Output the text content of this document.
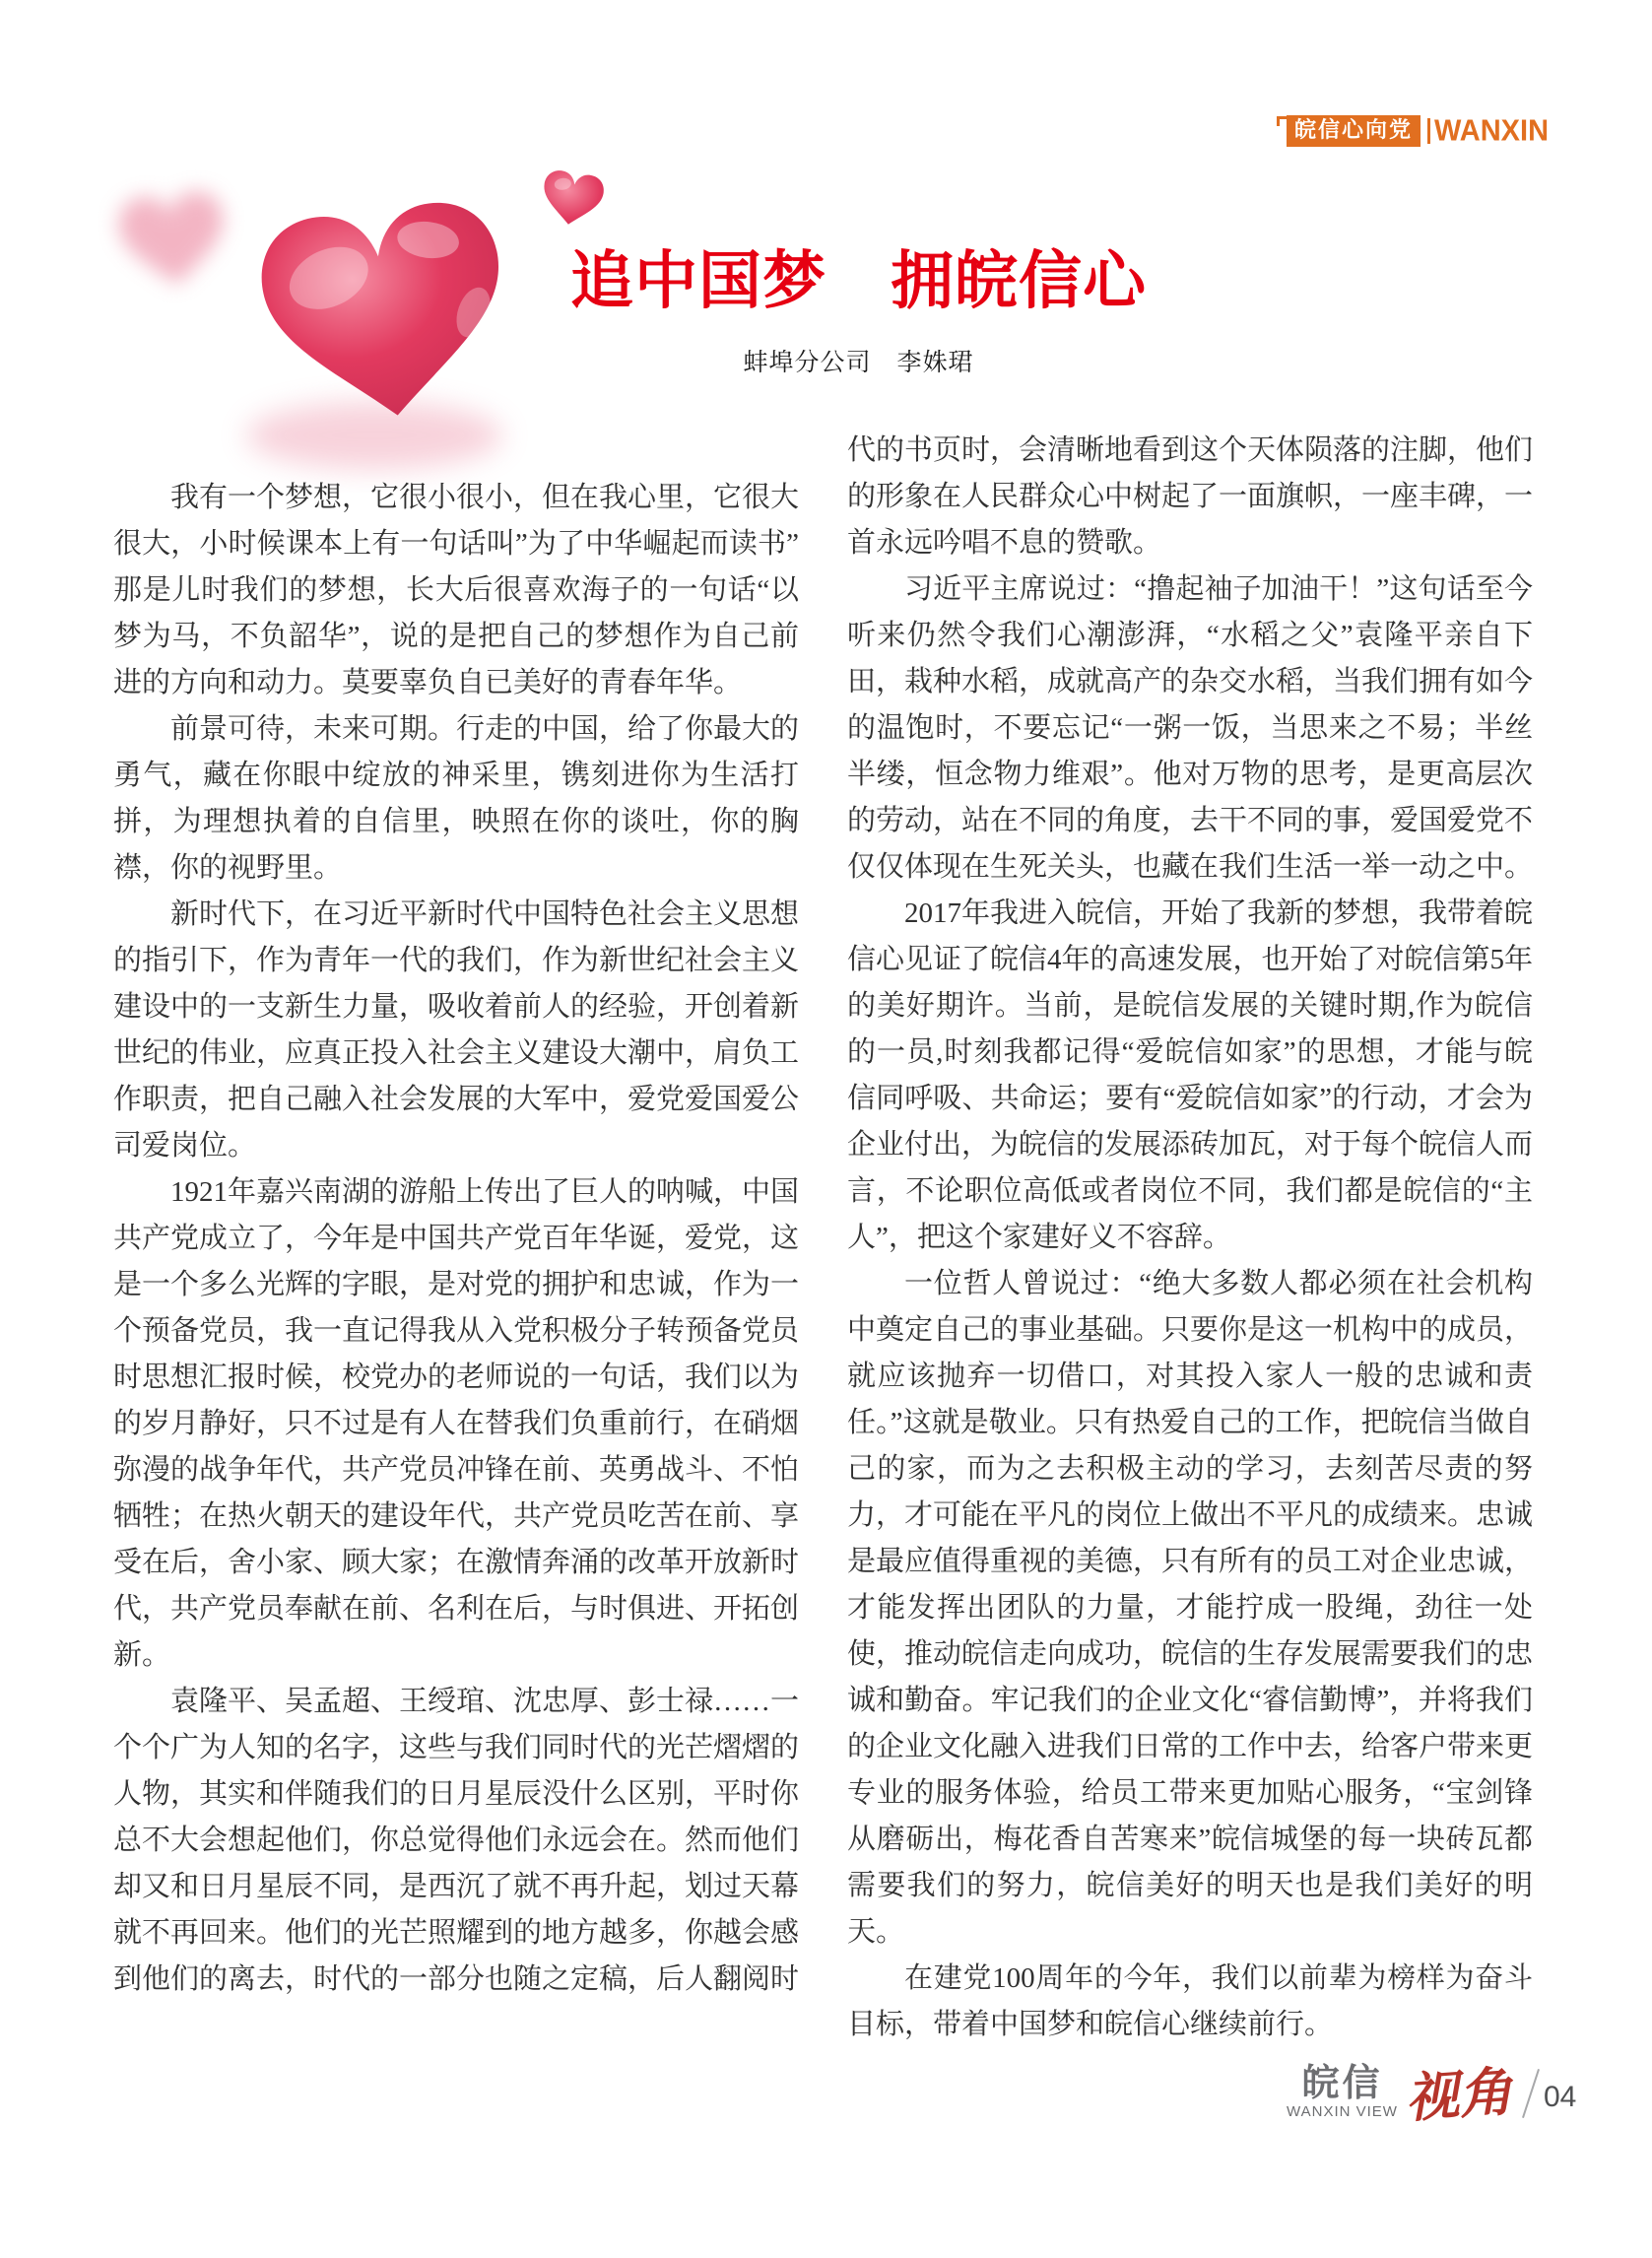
皖信心向党 WANXIN
追中国梦　拥皖信心

蚌埠分公司　李姝珺

我有一个梦想，它很小很小，但在我心里，它很大很大，小时候课本上有一句话叫”为了中华崛起而读书”那是儿时我们的梦想，长大后很喜欢海子的一句话“以梦为马，不负韶华”，说的是把自己的梦想作为自己前进的方向和动力。莫要辜负自已美好的青春年华。

前景可待，未来可期。行走的中国，给了你最大的勇气，藏在你眼中绽放的神采里，镌刻进你为生活打拼，为理想执着的自信里，映照在你的谈吐，你的胸襟，你的视野里。

新时代下，在习近平新时代中国特色社会主义思想的指引下，作为青年一代的我们，作为新世纪社会主义建设中的一支新生力量，吸收着前人的经验，开创着新世纪的伟业，应真正投入社会主义建设大潮中，肩负工作职责，把自己融入社会发展的大军中，爱党爱国爱公司爱岗位。

1921年嘉兴南湖的游船上传出了巨人的呐喊，中国共产党成立了，今年是中国共产党百年华诞，爱党，这是一个多么光辉的字眼，是对党的拥护和忠诚，作为一个预备党员，我一直记得我从入党积极分子转预备党员时思想汇报时候，校党办的老师说的一句话，我们以为的岁月静好，只不过是有人在替我们负重前行，在硝烟弥漫的战争年代，共产党员冲锋在前、英勇战斗、不怕牺牲；在热火朝天的建设年代，共产党员吃苦在前、享受在后，舍小家、顾大家；在激情奔涌的改革开放新时代，共产党员奉献在前、名利在后，与时俱进、开拓创新。

袁隆平、吴孟超、王绶琯、沈忠厚、彭士禄……一个个广为人知的名字，这些与我们同时代的光芒熠熠的人物，其实和伴随我们的日月星辰没什么区别，平时你总不大会想起他们，你总觉得他们永远会在。然而他们却又和日月星辰不同，是西沉了就不再升起，划过天幕就不再回来。他们的光芒照耀到的地方越多，你越会感到他们的离去，时代的一部分也随之定稿，后人翻阅时

代的书页时，会清晰地看到这个天体陨落的注脚，他们的形象在人民群众心中树起了一面旗帜，一座丰碑，一首永远吟唱不息的赞歌。

习近平主席说过：“撸起袖子加油干！”这句话至今听来仍然令我们心潮澎湃，“水稻之父”袁隆平亲自下田，栽种水稻，成就高产的杂交水稻，当我们拥有如今的温饱时，不要忘记“一粥一饭，当思来之不易；半丝半缕，恒念物力维艰”。他对万物的思考，是更高层次的劳动，站在不同的角度，去干不同的事，爱国爱党不仅仅体现在生死关头，也藏在我们生活一举一动之中。

2017年我进入皖信，开始了我新的梦想，我带着皖信心见证了皖信4年的高速发展，也开始了对皖信第5年的美好期许。当前，是皖信发展的关键时期,作为皖信的一员,时刻我都记得“爱皖信如家”的思想，才能与皖信同呼吸、共命运；要有“爱皖信如家”的行动，才会为企业付出，为皖信的发展添砖加瓦，对于每个皖信人而言，不论职位高低或者岗位不同，我们都是皖信的“主人”，把这个家建好义不容辞。

一位哲人曾说过：“绝大多数人都必须在社会机构中奠定自己的事业基础。只要你是这一机构中的成员，就应该抛弃一切借口，对其投入家人一般的忠诚和责任。”这就是敬业。只有热爱自己的工作，把皖信当做自己的家，而为之去积极主动的学习，去刻苦尽责的努力，才可能在平凡的岗位上做出不平凡的成绩来。忠诚是最应值得重视的美德，只有所有的员工对企业忠诚，才能发挥出团队的力量，才能拧成一股绳，劲往一处使，推动皖信走向成功，皖信的生存发展需要我们的忠诚和勤奋。牢记我们的企业文化“睿信勤博”，并将我们的企业文化融入进我们日常的工作中去，给客户带来更专业的服务体验，给员工带来更加贴心服务，“宝剑锋从磨砺出，梅花香自苦寒来”皖信城堡的每一块砖瓦都需要我们的努力，皖信美好的明天也是我们美好的明天。

在建党100周年的今年，我们以前辈为榜样为奋斗目标，带着中国梦和皖信心继续前行。

皖信
WANXIN VIEW 视角 04
